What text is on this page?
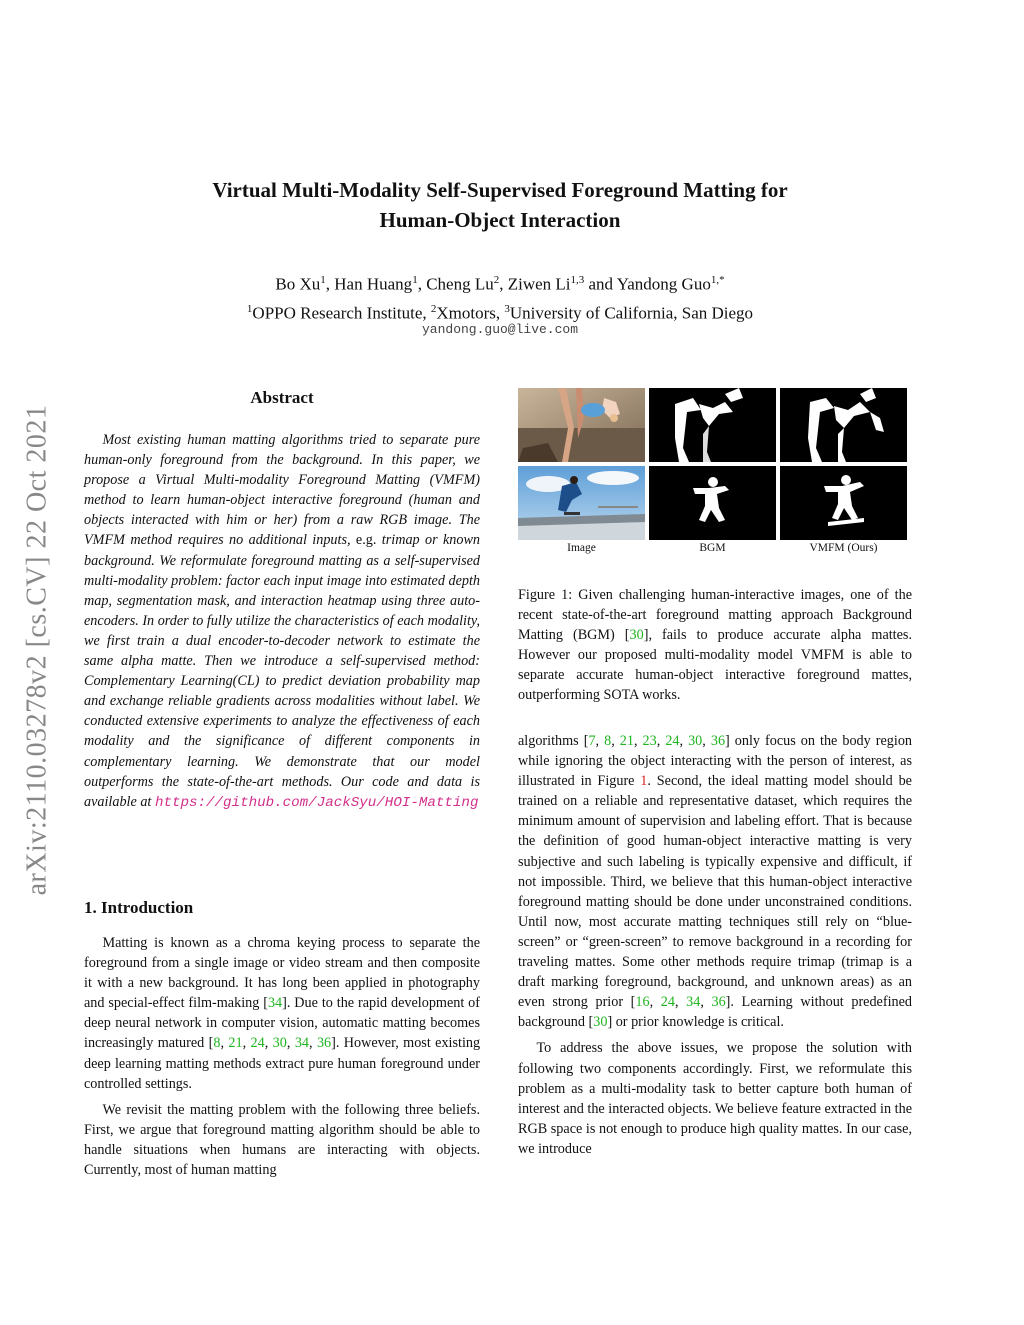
arXiv:2110.03278v2 [cs.CV] 22 Oct 2021
Virtual Multi-Modality Self-Supervised Foreground Matting for
Human-Object Interaction
Bo Xu$^1$, Han Huang$^1$, Cheng Lu$^2$, Ziwen Li$^{1,3}$ and Yandong Guo$^{1,*}$
$^1$OPPO Research Institute, $^2$Xmotors, $^3$University of California, San Diego
yandong.guo@live.com
Abstract
Most existing human matting algorithms tried to separate pure human-only foreground from the background. In this paper, we propose a Virtual Multi-modality Foreground Matting (VMFM) method to learn human-object interactive foreground (human and objects interacted with him or her) from a raw RGB image. The VMFM method requires no additional inputs, e.g. trimap or known background. We reformulate foreground matting as a self-supervised multi-modality problem: factor each input image into estimated depth map, segmentation mask, and interaction heatmap using three auto-encoders. In order to fully utilize the characteristics of each modality, we first train a dual encoder-to-decoder network to estimate the same alpha matte. Then we introduce a self-supervised method: Complementary Learning(CL) to predict deviation probability map and exchange reliable gradients across modalities without label. We conducted extensive experiments to analyze the effectiveness of each modality and the significance of different components in complementary learning. We demonstrate that our model outperforms the state-of-the-art methods. Our code and data is available at https://github.com/JackSyu/HOI-Matting
1. Introduction

Matting is known as a chroma keying process to separate the foreground from a single image or video stream and then composite it with a new background. It has long been applied in photography and special-effect film-making [34]. Due to the rapid development of deep neural network in computer vision, automatic matting becomes increasingly matured [8, 21, 24, 30, 34, 36]. However, most existing deep learning matting methods extract pure human foreground under controlled settings.

We revisit the matting problem with the following three beliefs. First, we argue that foreground matting algorithm should be able to handle situations when humans are interacting with objects. Currently, most of human matting

Image	BGM	VMFM (Ours)
Figure 1: Given challenging human-interactive images, one of the recent state-of-the-art foreground matting approach Background Matting (BGM) [30], fails to produce accurate alpha mattes. However our proposed multi-modality model VMFM is able to separate accurate human-object interactive foreground mattes, outperforming SOTA works.

algorithms [7, 8, 21, 23, 24, 30, 36] only focus on the body region while ignoring the object interacting with the person of interest, as illustrated in Figure 1. Second, the ideal matting model should be trained on a reliable and representative dataset, which requires the minimum amount of supervision and labeling effort. That is because the definition of good human-object interactive matting is very subjective and such labeling is typically expensive and difficult, if not impossible. Third, we believe that this human-object interactive foreground matting should be done under unconstrained conditions. Until now, most accurate matting techniques still rely on “blue-screen” or “green-screen” to remove background in a recording for traveling mattes. Some other methods require trimap (trimap is a draft marking foreground, background, and unknown areas) as an even strong prior [16, 24, 34, 36]. Learning without predefined background [30] or prior knowledge is critical.

To address the above issues, we propose the solution with following two components accordingly. First, we reformulate this problem as a multi-modality task to better capture both human of interest and the interacted objects. We believe feature extracted in the RGB space is not enough to produce high quality mattes. In our case, we introduce
